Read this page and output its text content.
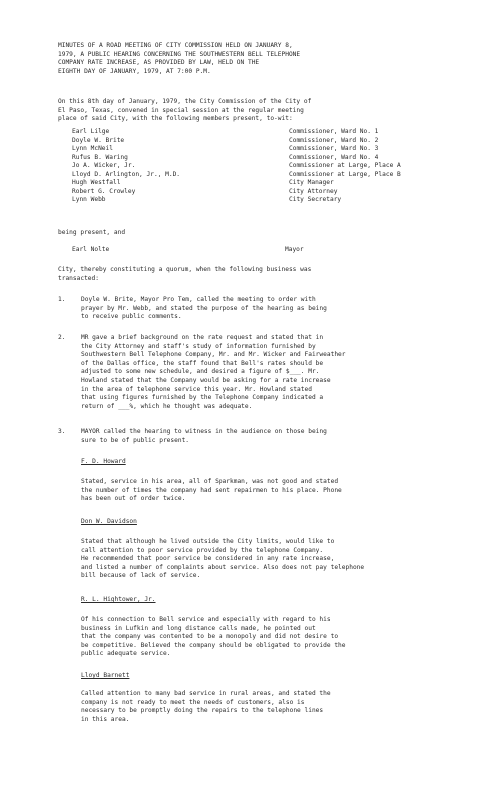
MINUTES OF A ROAD MEETING OF CITY COMMISSION HELD ON JANUARY 8,
1979, A PUBLIC HEARING CONCERNING THE SOUTHWESTERN BELL TELEPHONE
COMPANY RATE INCREASE, AS PROVIDED BY LAW, HELD ON THE
EIGHTH DAY OF JANUARY, 1979, AT 7:00 P.M.
On this 8th day of January, 1979, the City Commission of the City of
El Paso, Texas, convened in special session at the regular meeting
place of said City, with the following members present, to-wit:
Earl Lilge	Commissioner, Ward No. 1
Doyle W. Brite	Commissioner, Ward No. 2
Lynn McNeil	Commissioner, Ward No. 3
Rufus B. Waring	Commissioner, Ward No. 4
Jo A. Wicker, Jr.	Commissioner at Large, Place A
Lloyd D. Arlington, Jr., M.D.	Commissioner at Large, Place B
Hugh Westfall	City Manager
Robert G. Crowley	City Attorney
Lynn Webb	City Secretary
being present, and
Earl Nolte	Mayor
City, thereby constituting a quorum, when the following business was
transacted:
1.	Doyle W. Brite, Mayor Pro Tem, called the meeting to order with
prayer by Mr. Webb, and stated the purpose of the hearing as being
to receive public comments.
2.	MR gave a brief background on the rate request and stated that in
the City Attorney and staff's study of information furnished by
Southwestern Bell Telephone Company, Mr. and Mr. Wicker and Fairweather
of the Dallas office, the staff found that Bell's rates should be
adjusted to some new schedule, and desired a figure of $___. Mr.
Howland stated that the Company would be asking for a rate increase
in the area of telephone service this year. Mr. Howland stated
that using figures furnished by the Telephone Company indicated a
return of ___%, which he thought was adequate.
3.	MAYOR called the hearing to witness in the audience on those being
sure to be of public present.
F. D. Howard
Stated, service in his area, all of Sparkman, was not good and stated
the number of times the company had sent repairmen to his place. Phone
has been out of order twice.
Don W. Davidson
Stated that although he lived outside the City limits, would like to
call attention to poor service provided by the telephone Company.
He recommended that poor service be considered in any rate increase,
and listed a number of complaints about service. Also does not pay telephone
bill because of lack of service.
R. L. Hightower, Jr.
Of his connection to Bell service and especially with regard to his
business in Lufkin and long distance calls made, he pointed out
that the company was contented to be a monopoly and did not desire to
be competitive. Believed the company should be obligated to provide the
public adequate service.
Lloyd Barnett
Called attention to many bad service in rural areas, and stated the
company is not ready to meet the needs of customers, also is
necessary to be promptly doing the repairs to the telephone lines
in this area.
